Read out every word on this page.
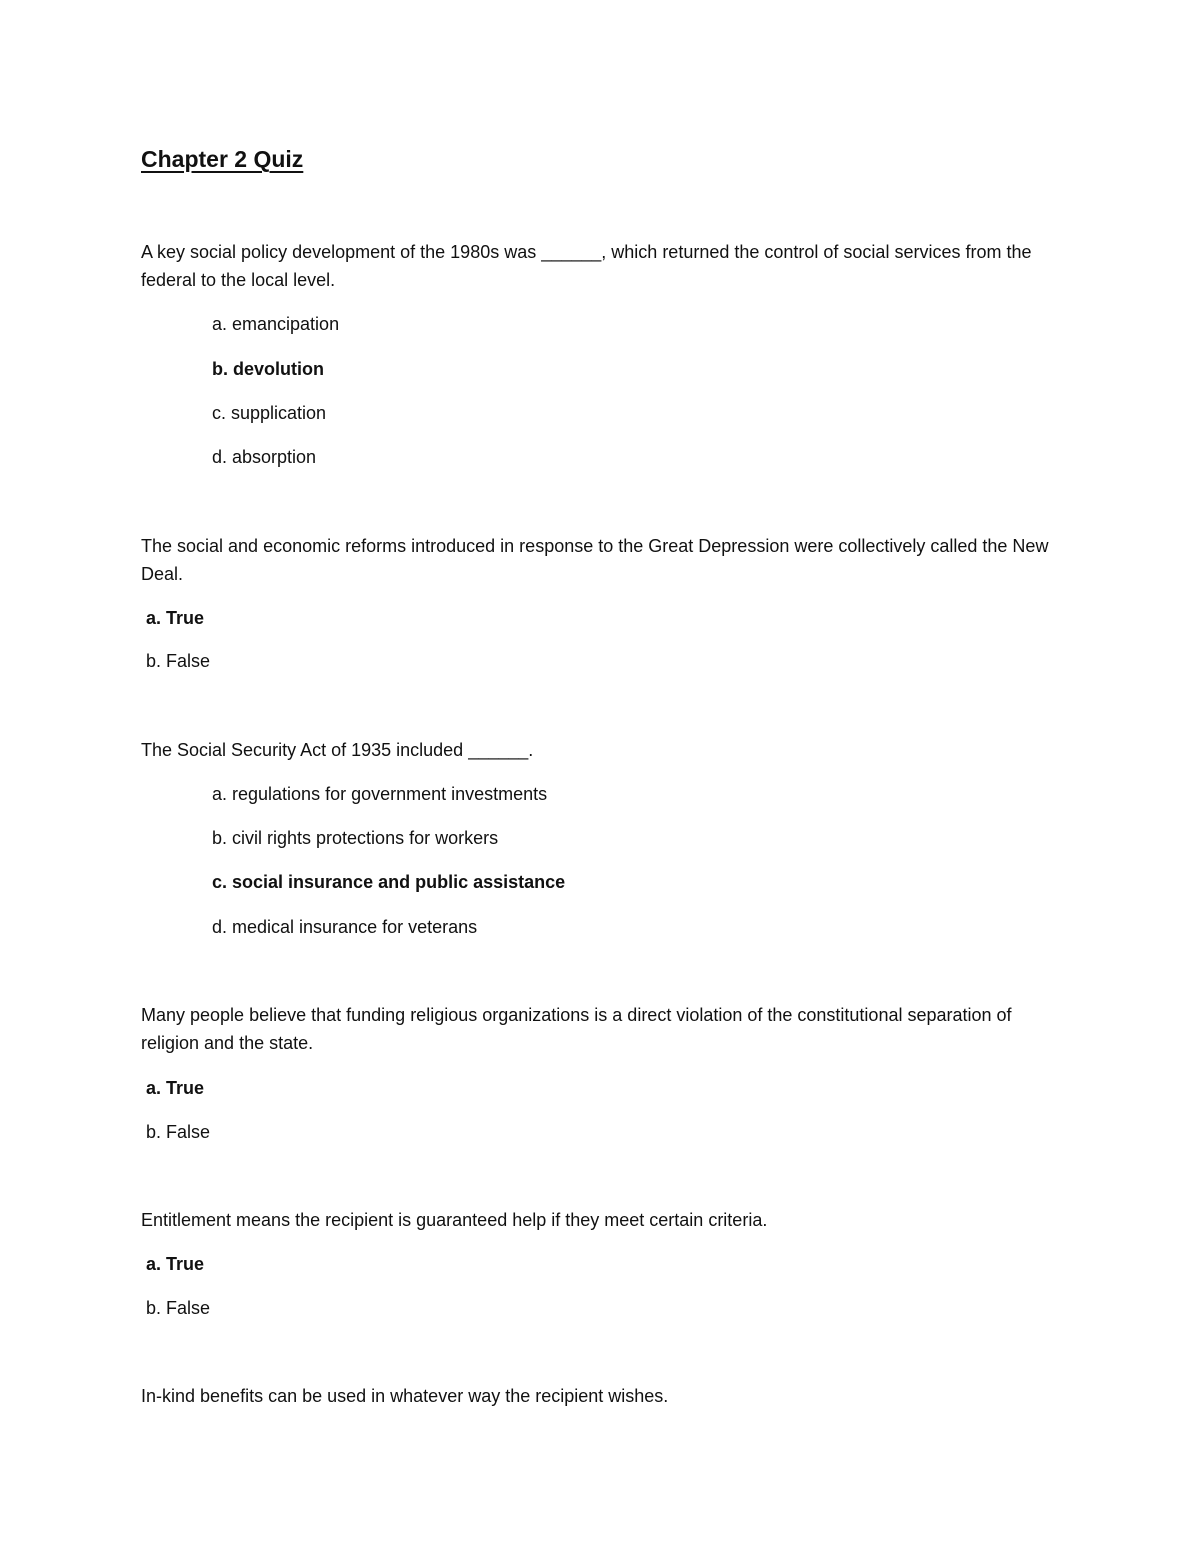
Chapter 2 Quiz
A key social policy development of the 1980s was ______, which returned the control of social services from the federal to the local level.
a. emancipation
b. devolution
c. supplication
d. absorption
The social and economic reforms introduced in response to the Great Depression were collectively called the New Deal.
a. True
b. False
The Social Security Act of 1935 included ______.
a. regulations for government investments
b. civil rights protections for workers
c. social insurance and public assistance
d. medical insurance for veterans
Many people believe that funding religious organizations is a direct violation of the constitutional separation of religion and the state.
a. True
b. False
Entitlement means the recipient is guaranteed help if they meet certain criteria.
a. True
b. False
In-kind benefits can be used in whatever way the recipient wishes.
